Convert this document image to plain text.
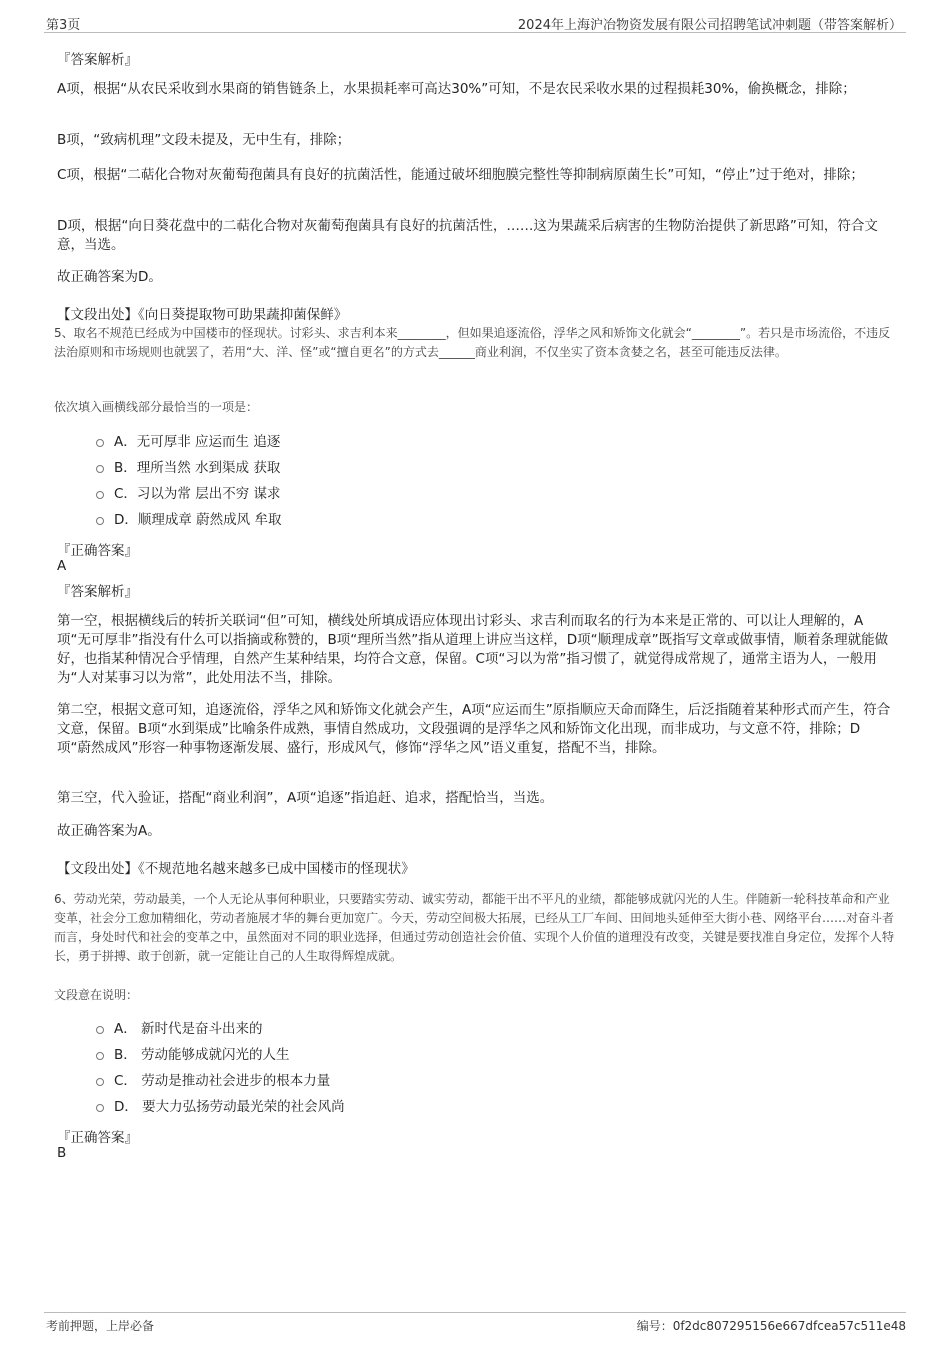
第3页	2024年上海沪冶物资发展有限公司招聘笔试冲刺题（带答案解析）
『答案解析』

A项，根据“从农民采收到水果商的销售链条上，水果损耗率可高达30%”可知，不是农民采收水果的过程损耗30%，偷换概念，排除；

B项，“致病机理”文段未提及，无中生有，排除；

C项，根据“二萜化合物对灰葡萄孢菌具有良好的抗菌活性，能通过破坏细胞膜完整性等抑制病原菌生长”可知，“停止”过于绝对，排除；

D项，根据“向日葵花盘中的二萜化合物对灰葡萄孢菌具有良好的抗菌活性，……这为果蔬采后病害的生物防治提供了新思路”可知，符合文意，当选。

故正确答案为D。

【文段出处】《向日葵提取物可助果蔬抑菌保鲜》

5、取名不规范已经成为中国楼市的怪现状。讨彩头、求吉利本来________，但如果追逐流俗，浮华之风和矫饰文化就会“________”。若只是市场流俗，不违反法治原则和市场规则也就罢了，若用“大、洋、怪”或“擅自更名”的方式去______商业利润，不仅坐实了资本贪婪之名，甚至可能违反法律。

依次填入画横线部分最恰当的一项是：
A．无可厚非 应运而生 追逐
B．理所当然 水到渠成 获取
C．习以为常 层出不穷 谋求
D．顺理成章 蔚然成风 牟取
『正确答案』
A
『答案解析』

第一空，根据横线后的转折关联词“但”可知，横线处所填成语应体现出讨彩头、求吉利而取名的行为本来是正常的、可以让人理解的，A项“无可厚非”指没有什么可以指摘或称赞的，B项“理所当然”指从道理上讲应当这样，D项“顺理成章”既指写文章或做事情，顺着条理就能做好，也指某种情况合乎情理，自然产生某种结果，均符合文意，保留。C项“习以为常”指习惯了，就觉得成常规了，通常主语为人，一般用为“人对某事习以为常”，此处用法不当，排除。

第二空，根据文意可知，追逐流俗，浮华之风和矫饰文化就会产生，A项“应运而生”原指顺应天命而降生，后泛指随着某种形式而产生，符合文意，保留。B项“水到渠成”比喻条件成熟，事情自然成功，文段强调的是浮华之风和矫饰文化出现，而非成功，与文意不符，排除；D项“蔚然成风”形容一种事物逐渐发展、盛行，形成风气，修饰“浮华之风”语义重复，搭配不当，排除。

第三空，代入验证，搭配“商业利润”，A项“追逐”指追赶、追求，搭配恰当，当选。

故正确答案为A。

【文段出处】《不规范地名越来越多已成中国楼市的怪现状》

6、劳动光荣，劳动最美，一个人无论从事何种职业，只要踏实劳动、诚实劳动，都能干出不平凡的业绩，都能够成就闪光的人生。伴随新一轮科技革命和产业变革，社会分工愈加精细化，劳动者施展才华的舞台更加宽广。今天，劳动空间极大拓展，已经从工厂车间、田间地头延伸至大街小巷、网络平台……对奋斗者而言，身处时代和社会的变革之中，虽然面对不同的职业选择，但通过劳动创造社会价值、实现个人价值的道理没有改变，关键是要找准自身定位，发挥个人特长，勇于拼搏、敢于创新，就一定能让自己的人生取得辉煌成就。

文段意在说明：
A． 新时代是奋斗出来的
B． 劳动能够成就闪光的人生
C． 劳动是推动社会进步的根本力量
D． 要大力弘扬劳动最光荣的社会风尚
『正确答案』
B
考前押题，上岸必备	编号：0f2dc807295156e667dfcea57c511e48
